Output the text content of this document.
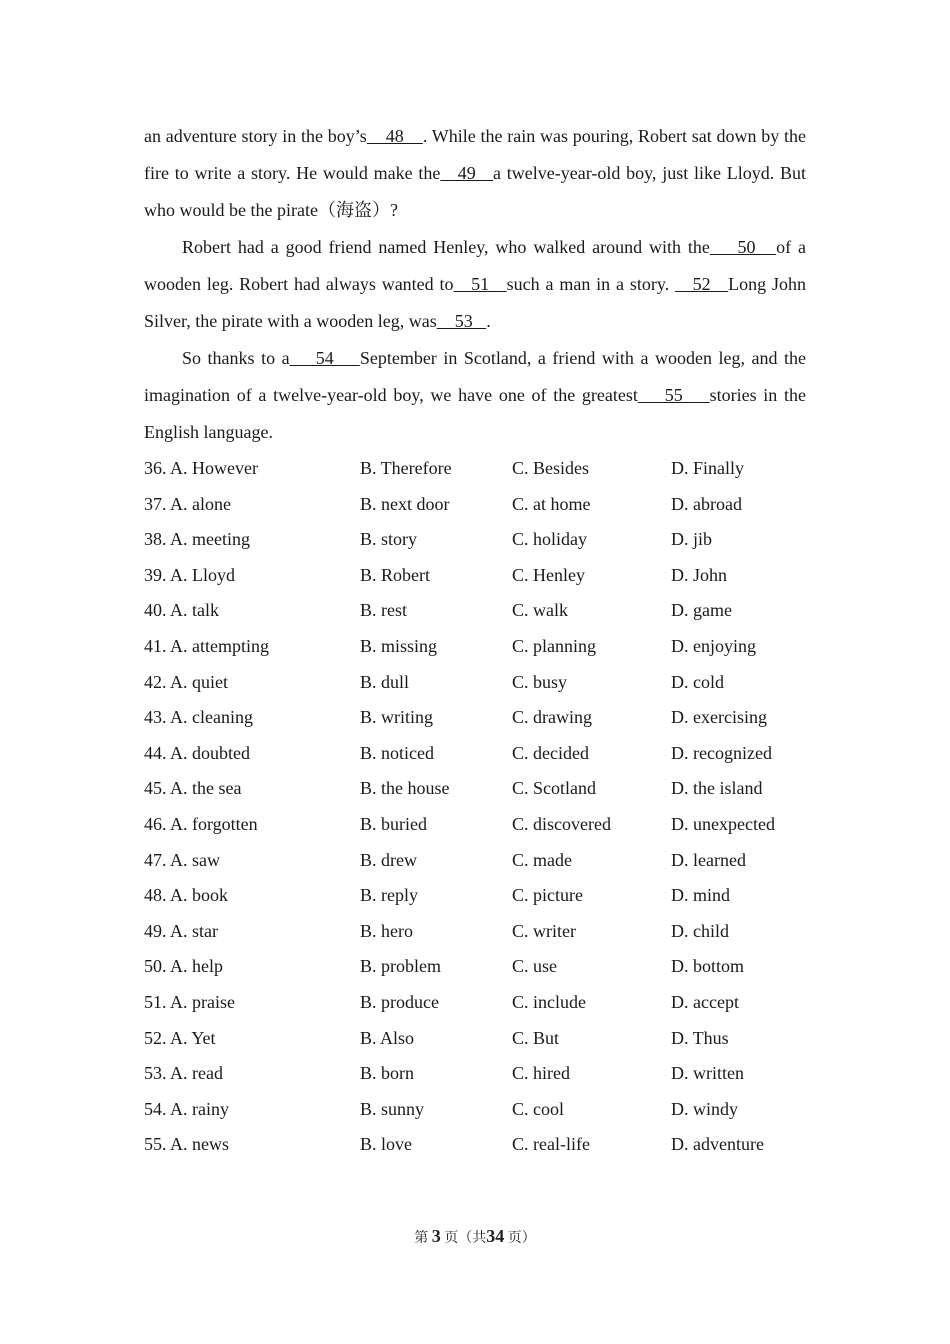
an adventure story in the boy’s    48    . While the rain was pouring, Robert sat down by the fire to write a story. He would make the   49   a twelve-year-old boy, just like Lloyd. But who would be the pirate（海盗）?

Robert had a good friend named Henley, who walked around with the    50   of a wooden leg. Robert had always wanted to   51   such a man in a story.    52   Long John Silver, the pirate with a wooden leg, was    53   .

So thanks to a    54    September in Scotland, a friend with a wooden leg, and the imagination of a twelve-year-old boy, we have one of the greatest    55    stories in the English language.

36. A. However	B. Therefore	C. Besides	D. Finally
37. A. alone	B. next door	C. at home	D. abroad
38. A. meeting	B. story	C. holiday	D. jib
39. A. Lloyd	B. Robert	C. Henley	D. John
40. A. talk	B. rest	C. walk	D. game
41. A. attempting	B. missing	C. planning	D. enjoying
42. A. quiet	B. dull	C. busy	D. cold
43. A. cleaning	B. writing	C. drawing	D. exercising
44. A. doubted	B. noticed	C. decided	D. recognized
45. A. the sea	B. the house	C. Scotland	D. the island
46. A. forgotten	B. buried	C. discovered	D. unexpected
47. A. saw	B. drew	C. made	D. learned
48. A. book	B. reply	C. picture	D. mind
49. A. star	B. hero	C. writer	D. child
50. A. help	B. problem	C. use	D. bottom
51. A. praise	B. produce	C. include	D. accept
52. A. Yet	B. Also	C. But	D. Thus
53. A. read	B. born	C. hired	D. written
54. A. rainy	B. sunny	C. cool	D. windy
55. A. news	B. love	C. real-life	D. adventure
第 3 页（共34 页）
